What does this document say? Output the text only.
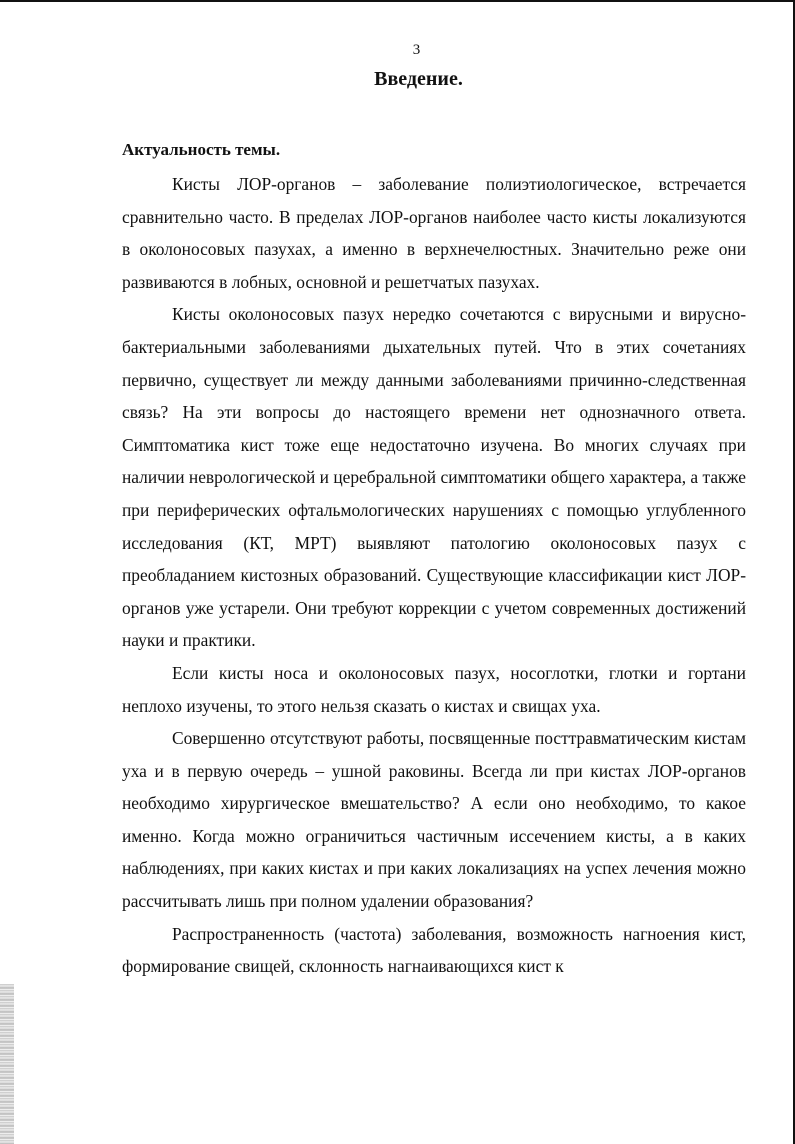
3
Введение.
Актуальность темы.

Кисты ЛОР-органов – заболевание полиэтиологическое, встречается сравнительно часто. В пределах ЛОР-органов наиболее часто кисты локализуются в околоносовых пазухах, а именно в верхнечелюстных. Значительно реже они развиваются в лобных, основной и решетчатых пазухах.

Кисты околоносовых пазух нередко сочетаются с вирусными и вирусно-бактериальными заболеваниями дыхательных путей. Что в этих сочетаниях первично, существует ли между данными заболеваниями причинно-следственная связь? На эти вопросы до настоящего времени нет однозначного ответа. Симптоматика кист тоже еще недостаточно изучена. Во многих случаях при наличии неврологической и церебральной симптоматики общего характера, а также при периферических офтальмологических нарушениях с помощью углубленного исследования (КТ, МРТ) выявляют патологию околоносовых пазух с преобладанием кистозных образований. Существующие классификации кист ЛОР-органов уже устарели. Они требуют коррекции с учетом современных достижений науки и практики.

Если кисты носа и околоносовых пазух, носоглотки, глотки и гортани неплохо изучены, то этого нельзя сказать о кистах и свищах уха.

Совершенно отсутствуют работы, посвященные посттравматическим кистам уха и в первую очередь – ушной раковины. Всегда ли при кистах ЛОР-органов необходимо хирургическое вмешательство? А если оно необходимо, то какое именно. Когда можно ограничиться частичным иссечением кисты, а в каких наблюдениях, при каких кистах и при каких локализациях на успех лечения можно рассчитывать лишь при полном удалении образования?

Распространенность (частота) заболевания, возможность нагноения кист, формирование свищей, склонность нагнаивающихся кист к
